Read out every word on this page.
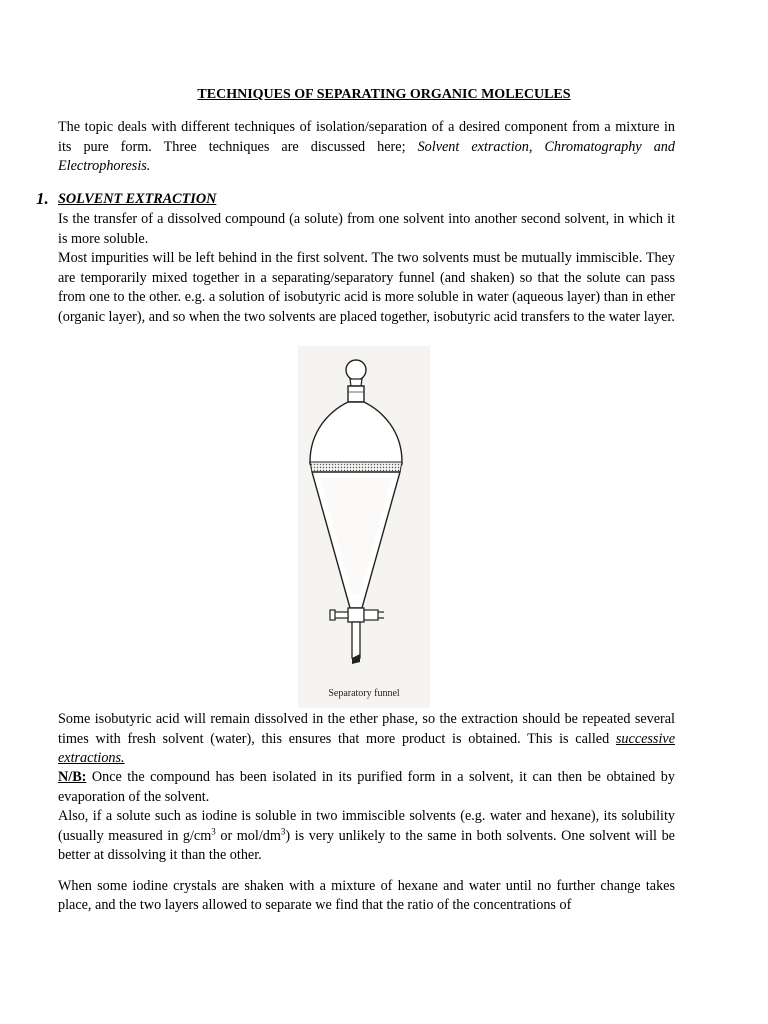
TECHNIQUES OF SEPARATING ORGANIC MOLECULES
The topic deals with different techniques of isolation/separation of a desired component from a mixture in its pure form. Three techniques are discussed here; Solvent extraction, Chromatography and Electrophoresis.
1. SOLVENT EXTRACTION
Is the transfer of a dissolved compound (a solute) from one solvent into another second solvent, in which it is more soluble.
Most impurities will be left behind in the first solvent. The two solvents must be mutually immiscible. They are temporarily mixed together in a separating/separatory funnel (and shaken) so that the solute can pass from one to the other. e.g. a solution of isobutyric acid is more soluble in water (aqueous layer) than in ether (organic layer), and so when the two solvents are placed together, isobutyric acid transfers to the water layer.
Separatory funnel
Some isobutyric acid will remain dissolved in the ether phase, so the extraction should be repeated several times with fresh solvent (water), this ensures that more product is obtained. This is called successive extractions.
N/B: Once the compound has been isolated in its purified form in a solvent, it can then be obtained by evaporation of the solvent.
Also, if a solute such as iodine is soluble in two immiscible solvents (e.g. water and hexane), its solubility (usually measured in $g/cm^3$ or mol/$dm^3$) is very unlikely to the same in both solvents. One solvent will be better at dissolving it than the other.
When some iodine crystals are shaken with a mixture of hexane and water until no further change takes place, and the two layers allowed to separate we find that the ratio of the concentrations of
